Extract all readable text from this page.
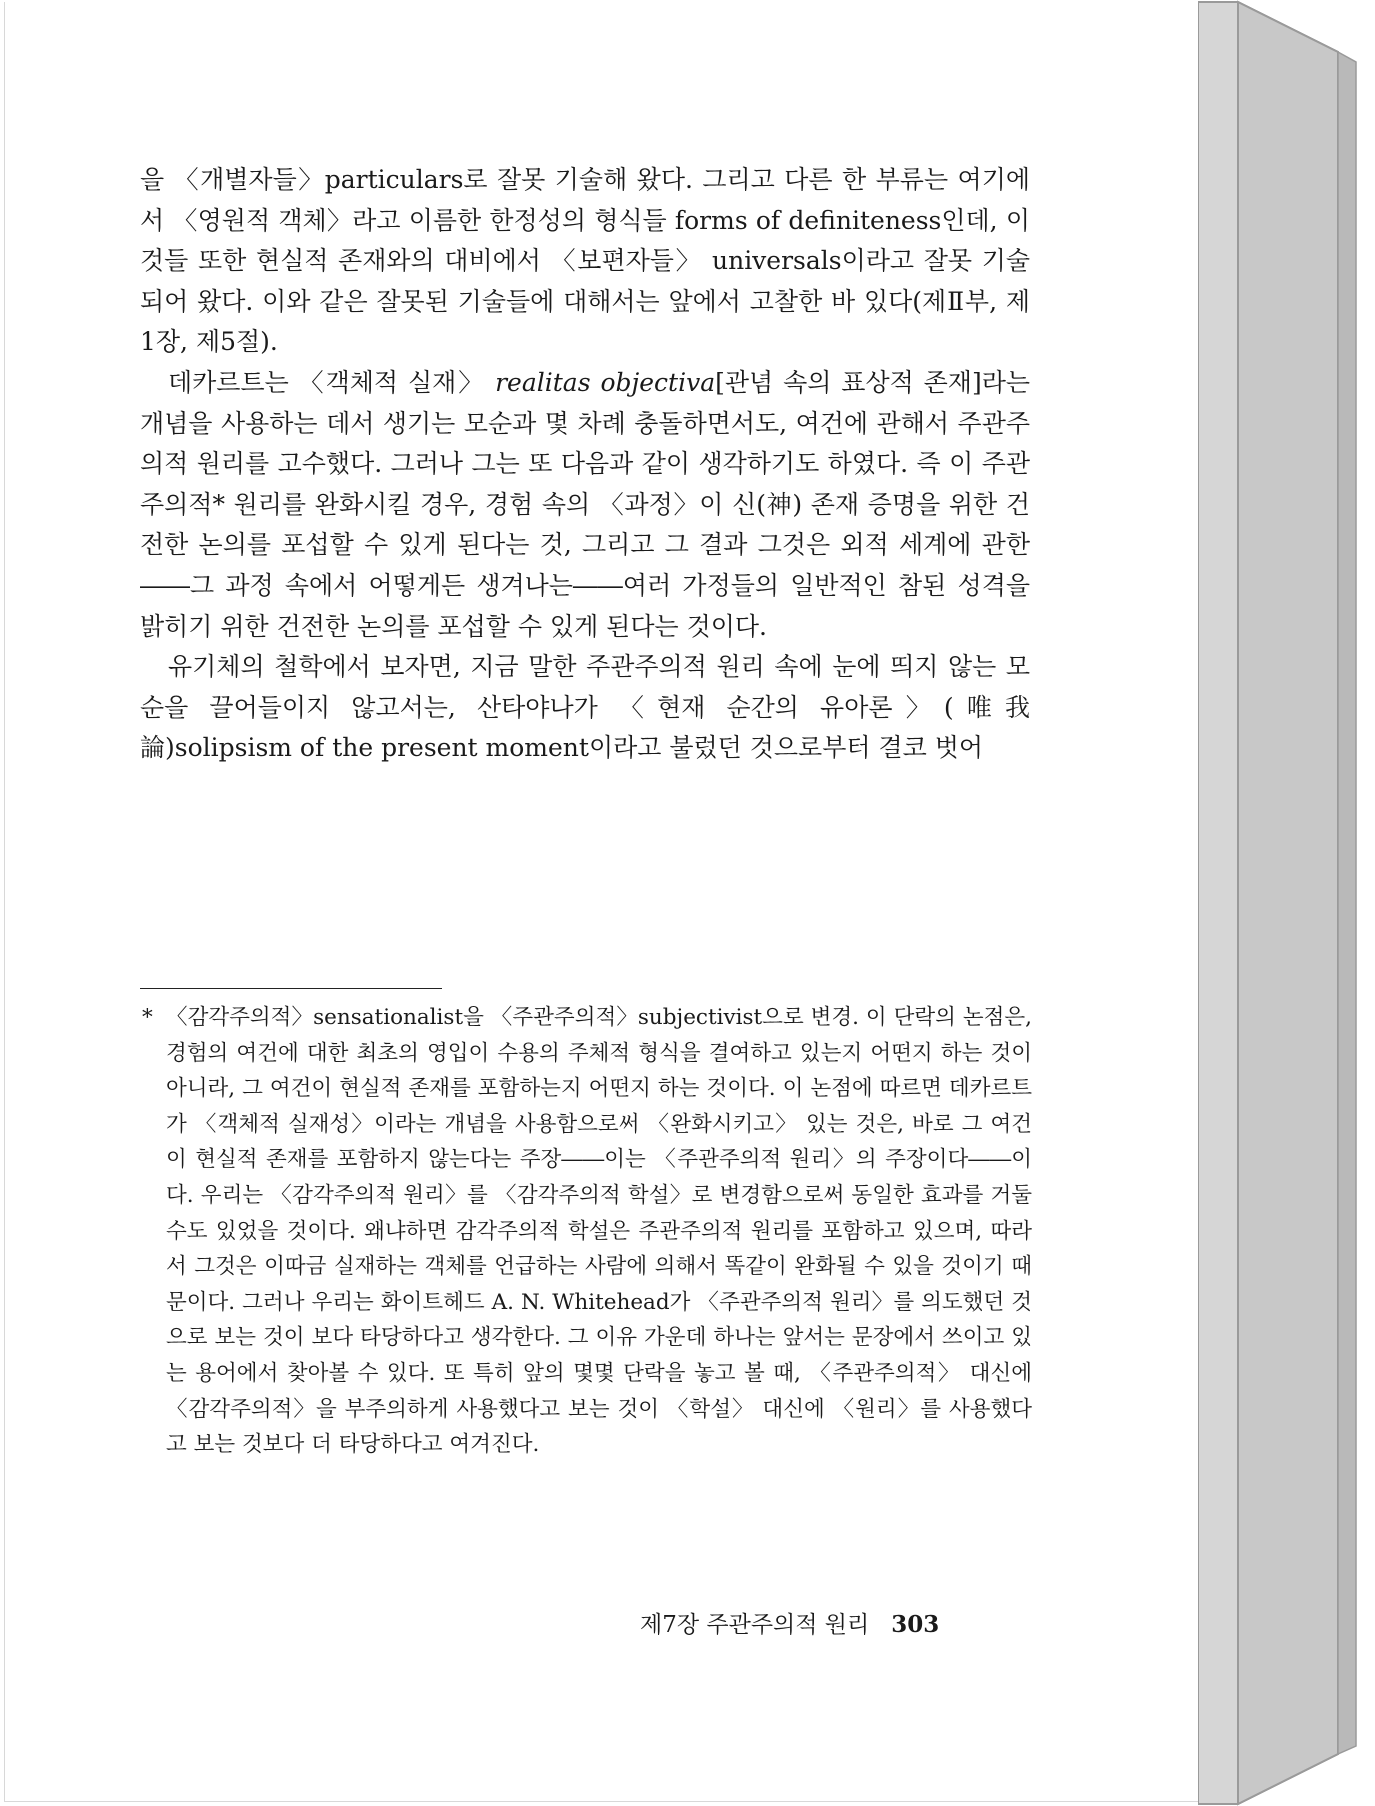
을 〈개별자들〉particulars로 잘못 기술해 왔다. 그리고 다른 한 부류는 여기에서 〈영원적 객체〉라고 이름한 한정성의 형식들 forms of definiteness인데, 이것들 또한 현실적 존재와의 대비에서 〈보편자들〉 universals이라고 잘못 기술되어 왔다. 이와 같은 잘못된 기술들에 대해서는 앞에서 고찰한 바 있다(제Ⅱ부, 제1장, 제5절).

데카르트는 〈객체적 실재〉 realitas objectiva[관념 속의 표상적 존재]라는 개념을 사용하는 데서 생기는 모순과 몇 차례 충돌하면서도, 여건에 관해서 주관주의적 원리를 고수했다. 그러나 그는 또 다음과 같이 생각하기도 하였다. 즉 이 주관주의적* 원리를 완화시킬 경우, 경험 속의 〈과정〉이 신(神) 존재 증명을 위한 건전한 논의를 포섭할 수 있게 된다는 것, 그리고 그 결과 그것은 외적 세계에 관한――그 과정 속에서 어떻게든 생겨나는――여러 가정들의 일반적인 참된 성격을 밝히기 위한 건전한 논의를 포섭할 수 있게 된다는 것이다.

유기체의 철학에서 보자면, 지금 말한 주관주의적 원리 속에 눈에 띄지 않는 모순을 끌어들이지 않고서는, 산타야나가 〈현재 순간의 유아론〉(唯我論)solipsism of the present moment이라고 불렀던 것으로부터 결코 벗어

* 〈감각주의적〉sensationalist을 〈주관주의적〉subjectivist으로 변경. 이 단락의 논점은, 경험의 여건에 대한 최초의 영입이 수용의 주체적 형식을 결여하고 있는지 어떤지 하는 것이 아니라, 그 여건이 현실적 존재를 포함하는지 어떤지 하는 것이다. 이 논점에 따르면 데카르트가 〈객체적 실재성〉이라는 개념을 사용함으로써 〈완화시키고〉 있는 것은, 바로 그 여건이 현실적 존재를 포함하지 않는다는 주장――이는 〈주관주의적 원리〉의 주장이다――이다. 우리는 〈감각주의적 원리〉를 〈감각주의적 학설〉로 변경함으로써 동일한 효과를 거둘 수도 있었을 것이다. 왜냐하면 감각주의적 학설은 주관주의적 원리를 포함하고 있으며, 따라서 그것은 이따금 실재하는 객체를 언급하는 사람에 의해서 똑같이 완화될 수 있을 것이기 때문이다. 그러나 우리는 화이트헤드 A. N. Whitehead가 〈주관주의적 원리〉를 의도했던 것으로 보는 것이 보다 타당하다고 생각한다. 그 이유 가운데 하나는 앞서는 문장에서 쓰이고 있는 용어에서 찾아볼 수 있다. 또 특히 앞의 몇몇 단락을 놓고 볼 때, 〈주관주의적〉 대신에 〈감각주의적〉을 부주의하게 사용했다고 보는 것이 〈학설〉 대신에 〈원리〉를 사용했다고 보는 것보다 더 타당하다고 여겨진다.
제7장 주관주의적 원리 303
